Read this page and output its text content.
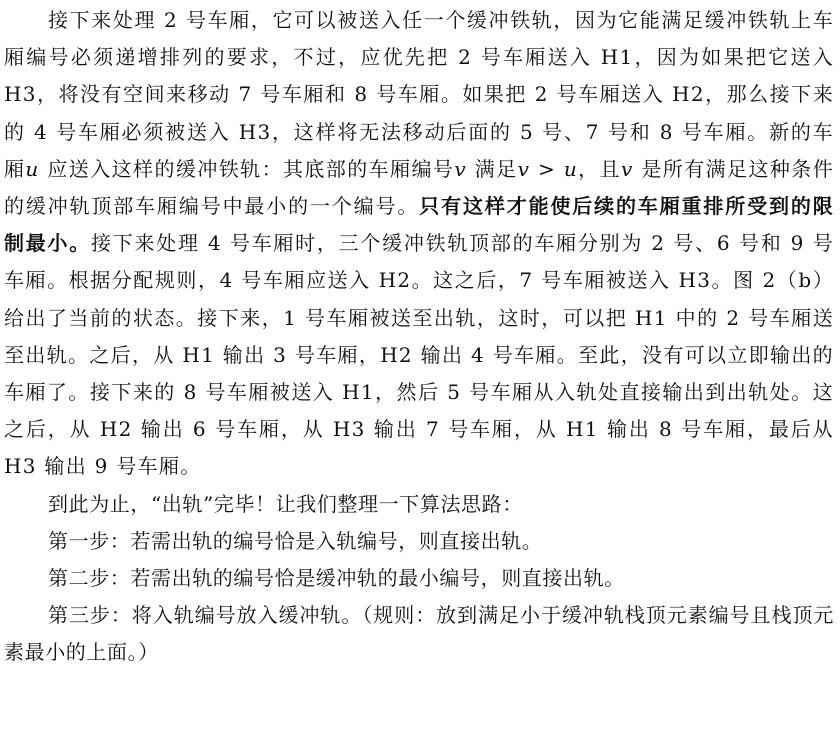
接下来处理 2 号车厢，它可以被送入任一个缓冲铁轨，因为它能满足缓冲铁轨上车厢编号必须递增排列的要求，不过，应优先把 2 号车厢送入 H1，因为如果把它送入 H3，将没有空间来移动 7 号车厢和 8 号车厢。如果把 2 号车厢送入 H2，那么接下来的 4 号车厢必须被送入 H3，这样将无法移动后面的 5 号、7 号和 8 号车厢。新的车厢u 应送入这样的缓冲铁轨：其底部的车厢编号v 满足v > u，且v 是所有满足这种条件的缓冲轨顶部车厢编号中最小的一个编号。只有这样才能使后续的车厢重排所受到的限制最小。接下来处理 4 号车厢时，三个缓冲铁轨顶部的车厢分别为 2 号、6 号和 9 号车厢。根据分配规则，4 号车厢应送入 H2。这之后，7 号车厢被送入 H3。图 2（b）给出了当前的状态。接下来，1 号车厢被送至出轨，这时，可以把 H1 中的 2 号车厢送至出轨。之后，从 H1 输出 3 号车厢，H2 输出 4 号车厢。至此，没有可以立即输出的车厢了。接下来的 8 号车厢被送入 H1，然后 5 号车厢从入轨处直接输出到出轨处。这之后，从 H2 输出 6 号车厢，从 H3 输出 7 号车厢，从 H1 输出 8 号车厢，最后从 H3 输出 9 号车厢。

到此为止，“出轨”完毕！让我们整理一下算法思路：

第一步：若需出轨的编号恰是入轨编号，则直接出轨。

第二步：若需出轨的编号恰是缓冲轨的最小编号，则直接出轨。

第三步：将入轨编号放入缓冲轨。（规则：放到满足小于缓冲轨栈顶元素编号且栈顶元素最小的上面。）
